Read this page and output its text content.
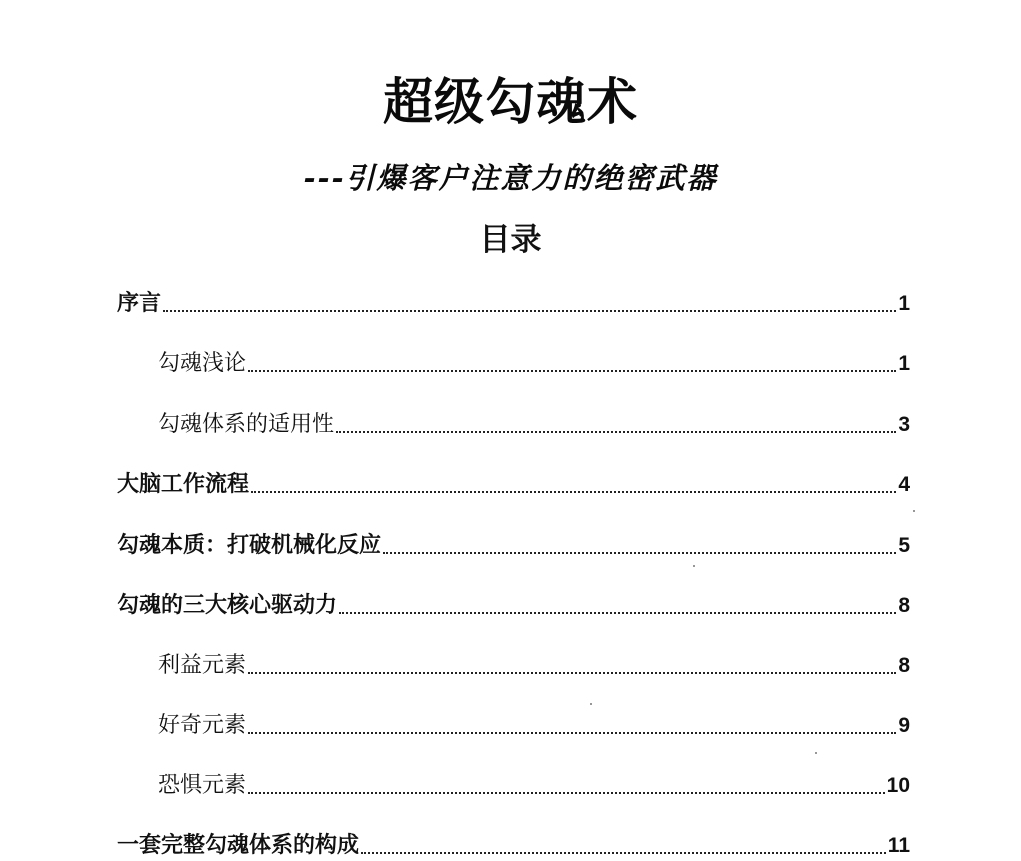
超级勾魂术
---引爆客户注意力的绝密武器
目录
序言	1
勾魂浅论	1
勾魂体系的适用性	3
大脑工作流程	4
勾魂本质：打破机械化反应	5
勾魂的三大核心驱动力	8
利益元素	8
好奇元素	9
恐惧元素	10
一套完整勾魂体系的构成	11
